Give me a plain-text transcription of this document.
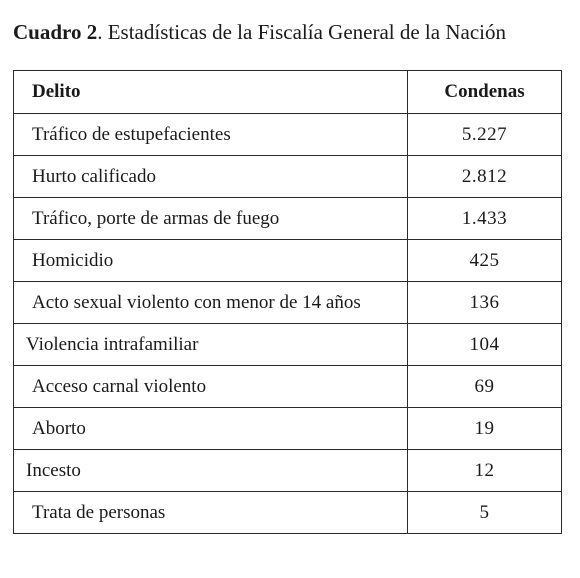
Cuadro 2. Estadísticas de la Fiscalía General de la Nación
Delito	Condenas
Tráfico de estupefacientes	5.227
Hurto calificado	2.812
Tráfico, porte de armas de fuego	1.433
Homicidio	425
Acto sexual violento con menor de 14 años	136
Violencia intrafamiliar	104
Acceso carnal violento	69
Aborto	19
Incesto	12
Trata de personas	5
